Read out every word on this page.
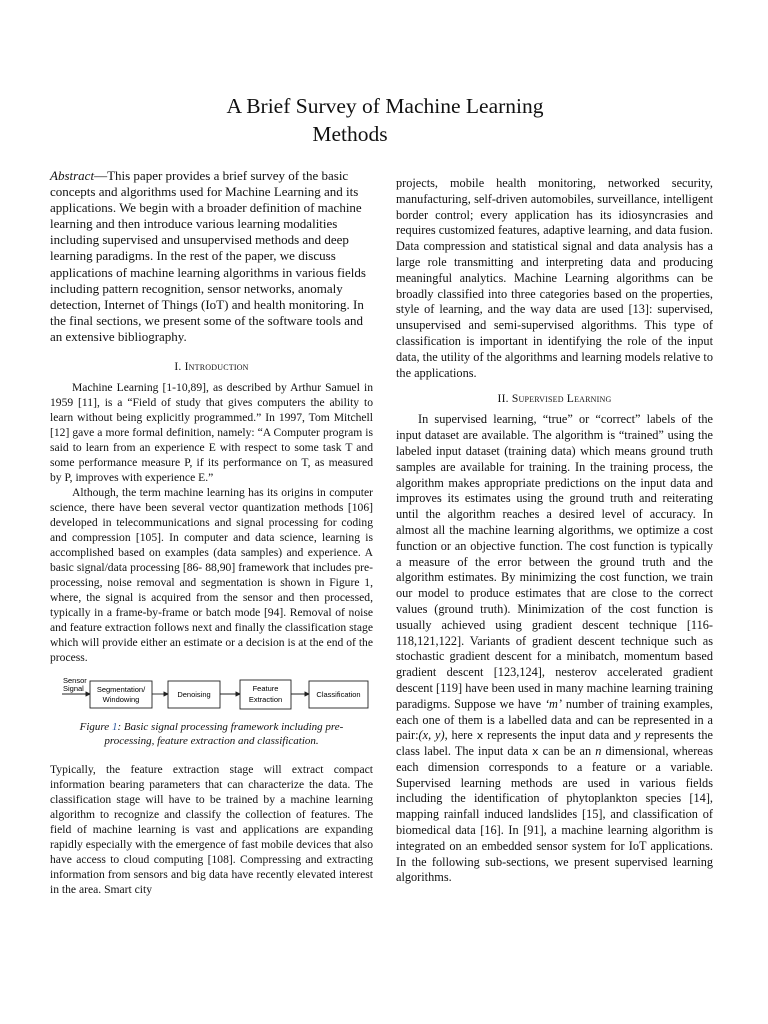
A Brief Survey of Machine Learning
Methods

Abstract—This paper provides a brief survey of the basic concepts and algorithms used for Machine Learning and its applications. We begin with a broader definition of machine learning and then introduce various learning modalities including supervised and unsupervised methods and deep learning paradigms. In the rest of the paper, we discuss applications of machine learning algorithms in various fields including pattern recognition, sensor networks, anomaly detection, Internet of Things (IoT) and health monitoring. In the final sections, we present some of the software tools and an extensive bibliography.

I. Introduction

Machine Learning [1-10,89], as described by Arthur Samuel in 1959 [11], is a “Field of study that gives computers the ability to learn without being explicitly programmed.” In 1997, Tom Mitchell [12] gave a more formal definition, namely: “A Computer program is said to learn from an experience E with respect to some task T and some performance measure P, if its performance on T, as measured by P, improves with experience E.”

Although, the term machine learning has its origins in computer science, there have been several vector quantization methods [106] developed in telecommunications and signal processing for coding and compression [105]. In computer and data science, learning is accomplished based on examples (data samples) and experience. A basic signal/data processing [86- 88,90] framework that includes pre-processing, noise removal and segmentation is shown in Figure 1, where, the signal is acquired from the sensor and then processed, typically in a frame-by-frame or batch mode [94]. Removal of noise and feature extraction follows next and finally the classification stage which will provide either an estimate or a decision is at the end of the process.

Sensor
Signal Segmentation/
Windowing
Denoising
Feature
Extraction
Classification
Figure 1: Basic signal processing framework including pre-processing, feature extraction and classification.

Typically, the feature extraction stage will extract compact information bearing parameters that can characterize the data. The classification stage will have to be trained by a machine learning algorithm to recognize and classify the collection of features. The field of machine learning is vast and applications are expanding rapidly especially with the emergence of fast mobile devices that also have access to cloud computing [108]. Compressing and extracting information from sensors and big data have recently elevated interest in the area. Smart city

projects, mobile health monitoring, networked security, manufacturing, self-driven automobiles, surveillance, intelligent border control; every application has its idiosyncrasies and requires customized features, adaptive learning, and data fusion. Data compression and statistical signal and data analysis has a large role transmitting and interpreting data and producing meaningful analytics. Machine Learning algorithms can be broadly classified into three categories based on the properties, style of learning, and the way data are used [13]: supervised, unsupervised and semi-supervised algorithms. This type of classification is important in identifying the role of the input data, the utility of the algorithms and learning models relative to the applications.

II. Supervised Learning

In supervised learning, “true” or “correct” labels of the input dataset are available. The algorithm is “trained” using the labeled input dataset (training data) which means ground truth samples are available for training. In the training process, the algorithm makes appropriate predictions on the input data and improves its estimates using the ground truth and reiterating until the algorithm reaches a desired level of accuracy. In almost all the machine learning algorithms, we optimize a cost function or an objective function. The cost function is typically a measure of the error between the ground truth and the algorithm estimates. By minimizing the cost function, we train our model to produce estimates that are close to the correct values (ground truth). Minimization of the cost function is usually achieved using gradient descent technique [116-118,121,122]. Variants of gradient descent technique such as stochastic gradient descent for a minibatch, momentum based gradient descent [123,124], nesterov accelerated gradient descent [119] have been used in many machine learning training paradigms. Suppose we have ‘m’ number of training examples, each one of them is a labelled data and can be represented in a pair:(x, y), here x represents the input data and y represents the class label. The input data x can be an n dimensional, whereas each dimension corresponds to a feature or a variable. Supervised learning methods are used in various fields including the identification of phytoplankton species [14], mapping rainfall induced landslides [15], and classification of biomedical data [16]. In [91], a machine learning algorithm is integrated on an embedded sensor system for IoT applications. In the following sub-sections, we present supervised learning algorithms.
